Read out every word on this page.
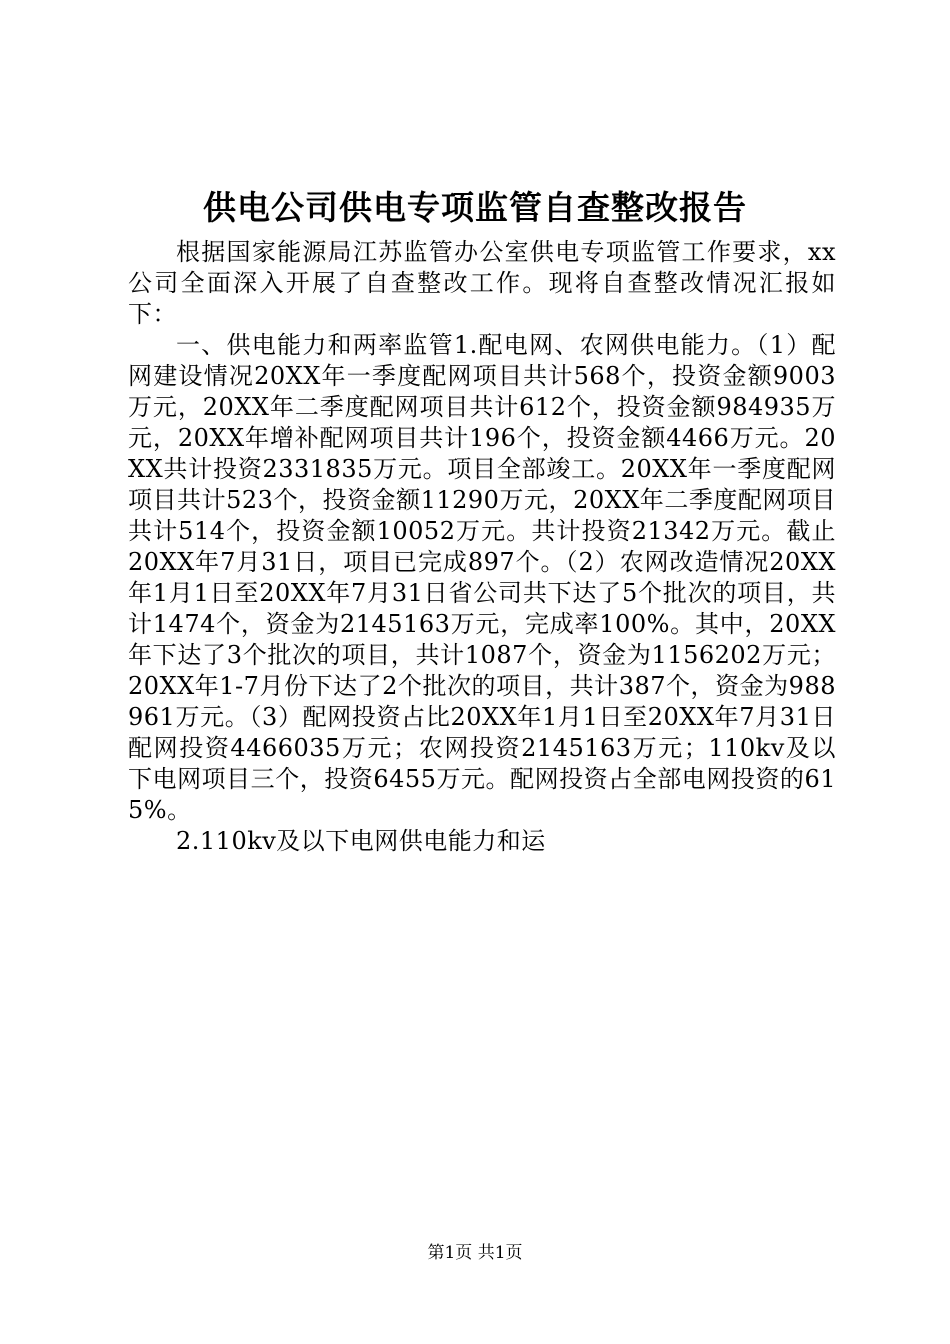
供电公司供电专项监管自查整改报告

根据国家能源局江苏监管办公室供电专项监管工作要求，xx公司全面深入开展了自查整改工作。现将自查整改情况汇报如下：

一、供电能力和两率监管1.配电网、农网供电能力。（1）配网建设情况20XX年一季度配网项目共计568个，投资金额9003万元，20XX年二季度配网项目共计612个，投资金额984935万元，20XX年增补配网项目共计196个，投资金额4466万元。20XX共计投资2331835万元。项目全部竣工。20XX年一季度配网项目共计523个，投资金额11290万元，20XX年二季度配网项目共计514个，投资金额10052万元。共计投资21342万元。截止20XX年7月31日，项目已完成897个。（2）农网改造情况20XX年1月1日至20XX年7月31日省公司共下达了5个批次的项目，共计1474个，资金为2145163万元，完成率100%。其中，20XX年下达了3个批次的项目，共计1087个，资金为1156202万元；20XX年1-7月份下达了2个批次的项目，共计387个，资金为988961万元。（3）配网投资占比20XX年1月1日至20XX年7月31日配网投资4466035万元；农网投资2145163万元；110kv及以下电网项目三个，投资6455万元。配网投资占全部电网投资的615%。

2.110kv及以下电网供电能力和运

第1页 共1页
